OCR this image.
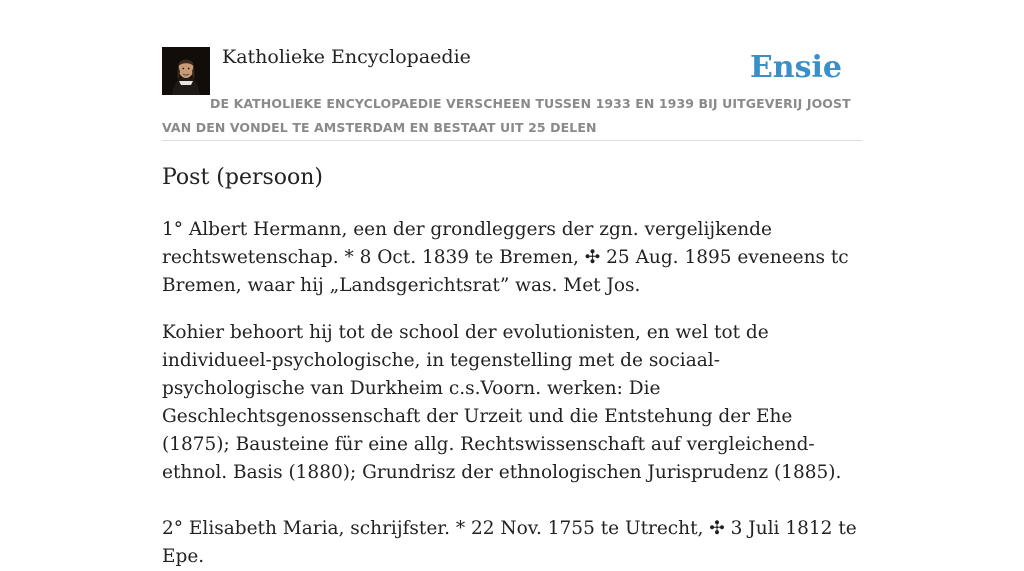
Katholieke Encyclopaedie	Ensie
DE KATHOLIEKE ENCYCLOPAEDIE VERSCHEEN TUSSEN 1933 EN 1939 BIJ UITGEVERIJ JOOST VAN DEN VONDEL TE AMSTERDAM EN BESTAAT UIT 25 DELEN
Post (persoon)

1° Albert Hermann, een der grondleggers der zgn. vergelijkende rechtswetenschap. * 8 Oct. 1839 te Bremen, ✣ 25 Aug. 1895 eveneens tc Bremen, waar hij „Landsgerichtsrat” was. Met Jos.

Kohier behoort hij tot de school der evolutionisten, en wel tot de individueel-psychologische, in tegenstelling met de sociaal-psychologische van Durkheim c.s.Voorn. werken: Die Geschlechtsgenossenschaft der Urzeit und die Entstehung der Ehe (1875); Bausteine für eine allg. Rechtswissenschaft auf vergleichend-ethnol. Basis (1880); Grundrisz der ethnologischen Jurisprudenz (1885).

2° Elisabeth Maria, schrijfster. * 22 Nov. 1755 te Utrecht, ✣ 3 Juli 1812 te Epe.
